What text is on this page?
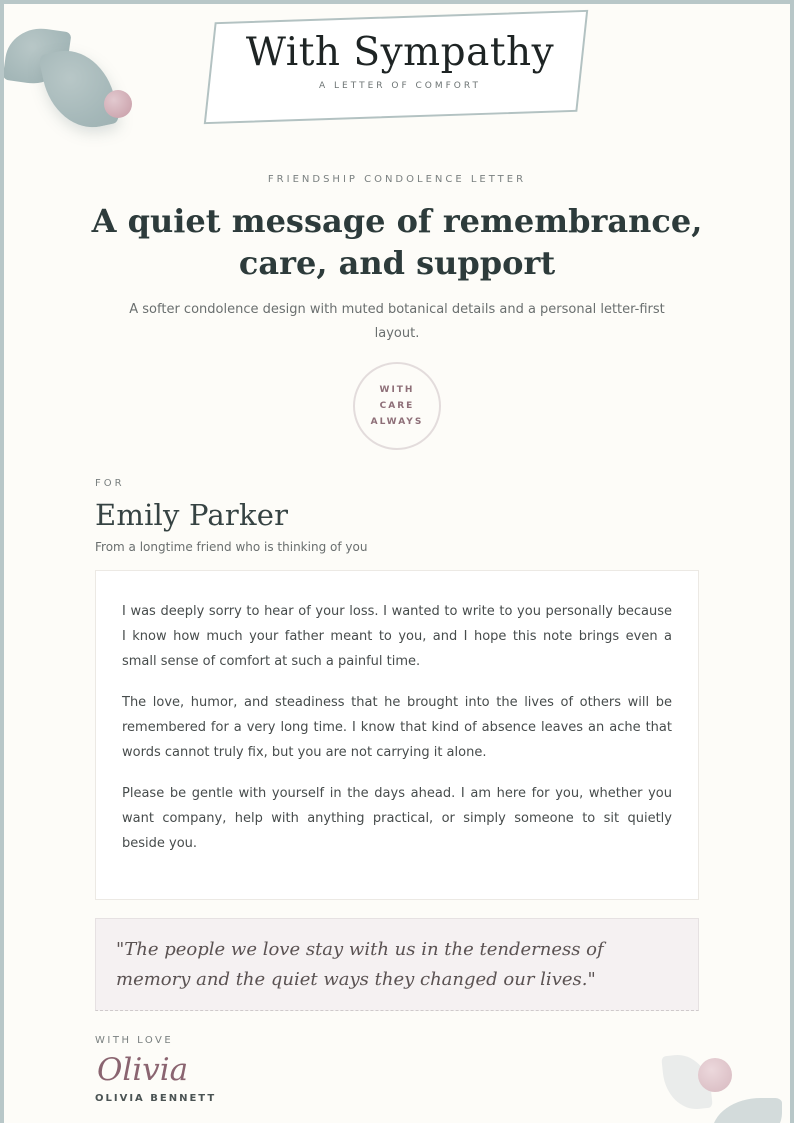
With Sympathy
A LETTER OF COMFORT
FRIENDSHIP CONDOLENCE LETTER
A quiet message of remembrance,
care, and support

A softer condolence design with muted botanical details and a personal letter-first layout.

WITH
CARE
ALWAYS
FOR
Emily Parker
From a longtime friend who is thinking of you

I was deeply sorry to hear of your loss. I wanted to write to you personally because I know how much your father meant to you, and I hope this note brings even a small sense of comfort at such a painful time.

The love, humor, and steadiness that he brought into the lives of others will be remembered for a very long time. I know that kind of absence leaves an ache that words cannot truly fix, but you are not carrying it alone.

Please be gentle with yourself in the days ahead. I am here for you, whether you want company, help with anything practical, or simply someone to sit quietly beside you.

"The people we love stay with us in the tenderness of memory and the quiet ways they changed our lives."

WITH LOVE
Olivia
OLIVIA BENNETT
